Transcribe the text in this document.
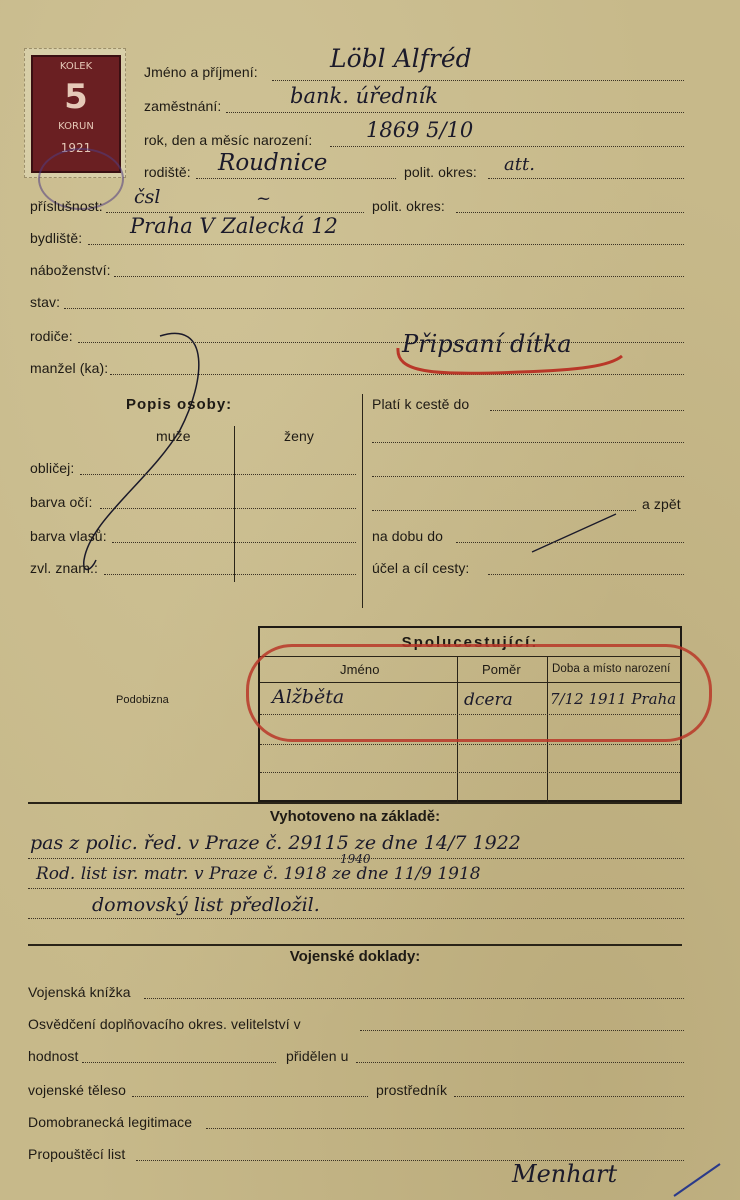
KOLEK
5
KORUN
1921
Jméno a příjmení:	Löbl Alfréd
zaměstnání:	bank. úředník
rok, den a měsíc narození:	1869 5/10
rodiště: Roudnice	polit. okres: att.
příslušnost: čsl	~	polit. okres:
bydliště: Praha V Zalecká 12
náboženství:
stav:
rodiče:
manžel (ka):
Připsaní dítka
Popis osoby:
muže	ženy
obličej:
barva očí:
barva vlasů:
zvl. znam.:
Platí k cestě do
a zpět
na dobu do
účel a cíl cesty:
Podobizna
Spolucestující:
Jméno	Poměr	Doba a místo narození
Alžběta	dcera 7/12 1911 Praha
Vyhotoveno na základě:
pas z polic. řed. v Praze č. 29115 ze dne 14/7 1922
1940
Rod. list isr. matr. v Praze č. 1918 ze dne 11/9 1918
domovský list předložil.
Vojenské doklady:
Vojenská knížka
Osvědčení doplňovacího okres. velitelství v
hodnost	přidělen u
vojenské těleso	prostředník
Domobranecká legitimace
Propouštěcí list
Menhart
